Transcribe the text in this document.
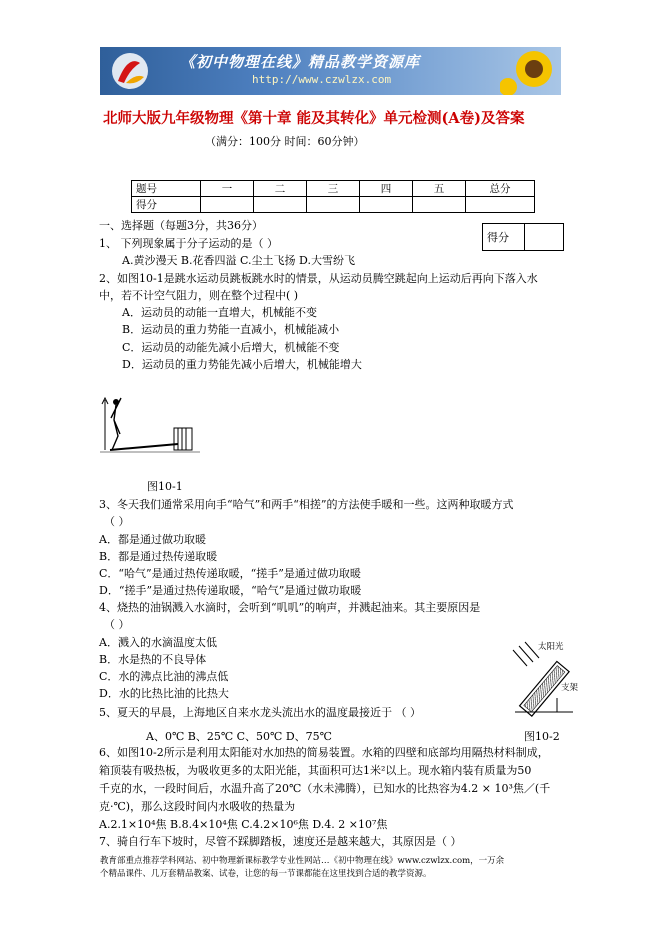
《初中物理在线》精品教学资源库
http://www.czwlzx.com
北师大版九年级物理《第十章 能及其转化》单元检测(A卷)及答案
（满分：100分 时间：60分钟）
题号	一	二	三	四	五	总分
得分						
得分	
一、选择题（每题3分，共36分）
1、 下列现象属于分子运动的是（ ）
A.黄沙漫天 B.花香四溢 C.尘土飞扬 D.大雪纷飞
2、如图10-1是跳水运动员跳板跳水时的情景，从运动员腾空跳起向上运动后再向下落入水
中，若不计空气阻力，则在整个过程中( )
A．运动员的动能一直增大，机械能不变
B．运动员的重力势能一直减小，机械能减小
C．运动员的动能先减小后增大，机械能不变
D．运动员的重力势能先减小后增大，机械能增大
图10-1
3、冬天我们通常采用向手“哈气”和两手“相搓”的方法使手暖和一些。这两种取暖方式
（ ）
A．都是通过做功取暖
B．都是通过热传递取暖
C．“哈气”是通过热传递取暖，“搓手”是通过做功取暖
D．“搓手”是通过热传递取暖，“哈气”是通过做功取暖
4、烧热的油锅溅入水滴时，会听到“叽叽”的响声，并溅起油来。其主要原因是
（ ）
A．溅入的水滴温度太低
B．水是热的不良导体
C．水的沸点比油的沸点低
D．水的比热比油的比热大
太阳光
支架
5、夏天的早晨，上海地区自来水龙头流出水的温度最接近于 （ ）
A、0℃ B、25℃ C、50℃ D、75℃	图10-2
6、如图10-2所示是利用太阳能对水加热的简易装置。水箱的四壁和底部均用隔热材料制成，
箱顶装有吸热板，为吸收更多的太阳光能，其面积可达1米²以上。现水箱内装有质量为50
千克的水，一段时间后，水温升高了20℃（水未沸腾），已知水的比热容为4.2 × 10³焦／(千
克·℃)，那么这段时间内水吸收的热量为
A.2.1×10⁴焦 B.8.4×10⁴焦 C.4.2×10⁶焦 D.4. 2 ×10⁷焦
7、骑自行车下坡时，尽管不踩脚踏板，速度还是越来越大，其原因是（ ）
教育部重点推荐学科网站、初中物理新课标教学专业性网站…《初中物理在线》www.czwlzx.com，一万余
个精品课件、几万套精品教案、试卷，让您的每一节课都能在这里找到合适的教学资源。
